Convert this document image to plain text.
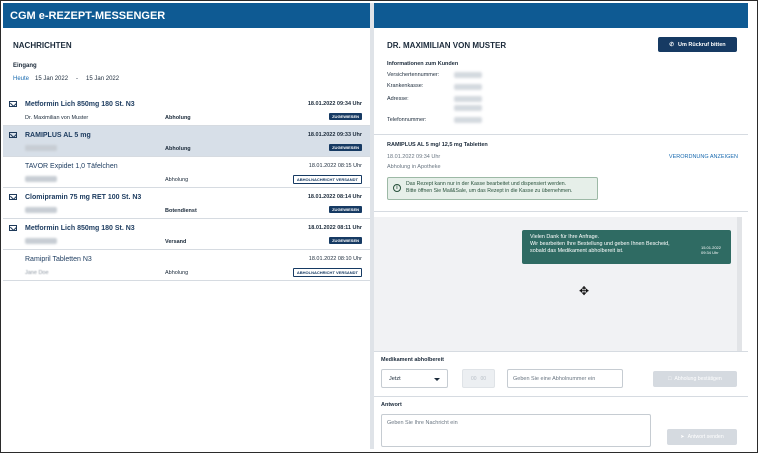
CGM e-REZEPT-MESSENGER
NACHRICHTEN
Eingang
Heute 15 Jan 2022 - 15 Jan 2022
Metformin Lich 850mg 180 St. N3	18.01.2022 09:34 Uhr
Dr. Maximilian von Muster	Abholung	ZUGEWIESEN
RAMIPLUS AL 5 mg	18.01.2022 09:33 Uhr
Abholung	ZUGEWIESEN
TAVOR Expidet 1,0 Täfelchen	18.01.2022 08:15 Uhr
Abholung	ABHOLNACHRICHT VERSANDT
Clomipramin 75 mg RET 100 St. N3	18.01.2022 08:14 Uhr
Botendienst	ZUGEWIESEN
Metformin Lich 850mg 180 St. N3	18.01.2022 08:11 Uhr
Versand	ZUGEWIESEN
Ramipril Tabletten N3	18.01.2022 08:10 Uhr
Jane Doe	Abholung	ABHOLNACHRICHT VERSANDT
DR. MAXIMILIAN VON MUSTER	✆ Um Rückruf bitten
Informationen zum Kunden
Versichertennummer:
Krankenkasse:
Adresse:
Telefonnummer:
RAMIPLUS AL 5 mg/ 12,5 mg Tabletten
18.01.2022 09:34 Uhr
Abholung in Apotheke
VERORDNUNG ANZEIGEN
i
Das Rezept kann nur in der Kasse bearbeitet und dispensiert werden.
Bitte öffnen Sie Mail&Sale, um das Rezept in die Kasse zu übernehmen.
Vielen Dank für Ihre Anfrage.
Wir bearbeiten Ihre Bestellung und geben Ihnen Bescheid,
sobald das Medikament abholbereit ist.
15.01.2022
09:34 Uhr
✥
Medikament abholbereit
Jetzt	00 00	Geben Sie eine Abholnummer ein	□ Abholung bestätigen
Antwort
Geben Sie Ihre Nachricht ein
➤ Antwort senden
